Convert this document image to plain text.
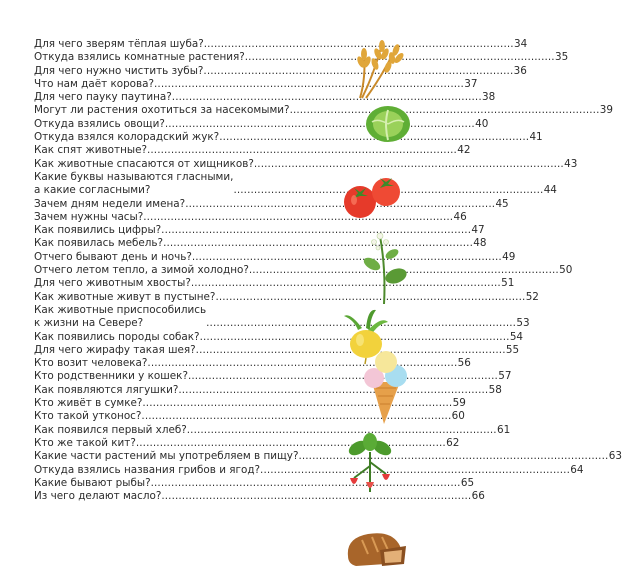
Для чего зверям тёплая шуба? . . .	34
Откуда взялись комнатные растения? . . .	35
Для чего нужно чистить зубы? . . .	36
Что нам даёт корова? . . .	37
Для чего пауку паутина? . . .	38
Могут ли растения охотиться за насекомыми? . . .	39
Откуда взялись овощи? . . .	40
Откуда взялся колорадский жук? . . .	41
Как спят животные? . . .	42
Как животные спасаются от хищников? . . .	43
Какие буквы называются гласными,
а какие согласными? . . .	44
Зачем дням недели имена? . . .	45
Зачем нужны часы? . . .	46
Как появились цифры? . . .	47
Как появилась мебель? . . .	48
Отчего бывают день и ночь? . . .	49
Отчего летом тепло, а зимой холодно? . . .	50
Для чего животным хвосты? . . .	51
Как животные живут в пустыне? . . .	52
Как животные приспособились
к жизни на Севере? . . .	53
Как появились породы собак? . . .	54
Для чего жирафу такая шея? . . .	55
Кто возит человека? . . .	56
Кто родственники у кошек? . . .	57
Как появляются лягушки? . . .	58
Кто живёт в сумке? . . .	59
Кто такой утконос? . . .	60
Как появился первый хлеб? . . .	61
Кто же такой кит? . . .	62
Какие части растений мы употребляем в пищу? . . .	63
Откуда взялись названия грибов и ягод? . . .	64
Какие бывают рыбы? . . .	65
Из чего делают масло? . . .	66
